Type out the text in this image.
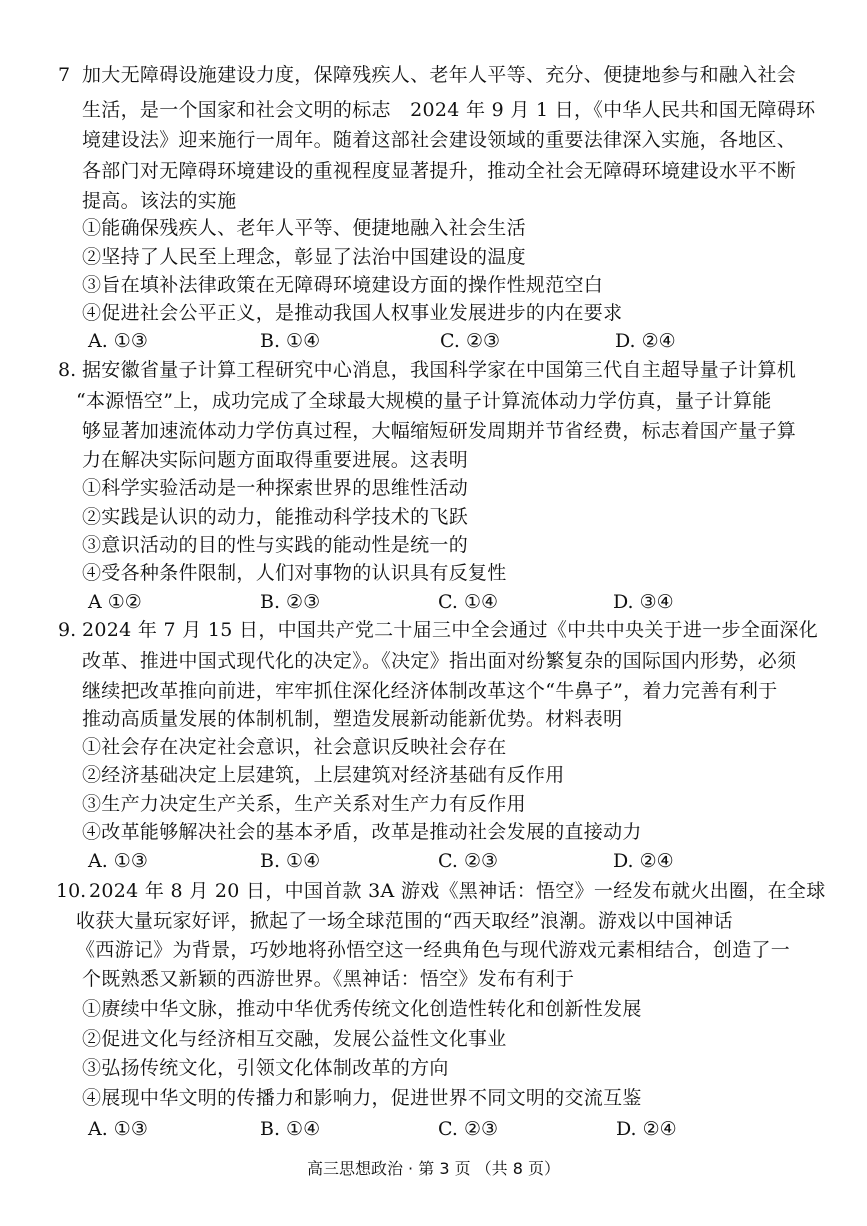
7 加大无障碍设施建设力度，保障残疾人、老年人平等、充分、便捷地参与和融入社会
生活，是一个国家和社会文明的标志　2024 年 9 月 1 日，《中华人民共和国无障碍环
境建设法》迎来施行一周年。随着这部社会建设领域的重要法律深入实施，各地区、
各部门对无障碍环境建设的重视程度显著提升，推动全社会无障碍环境建设水平不断
提高。该法的实施
①能确保残疾人、老年人平等、便捷地融入社会生活
②坚持了人民至上理念，彰显了法治中国建设的温度
③旨在填补法律政策在无障碍环境建设方面的操作性规范空白
④促进社会公平正义，是推动我国人权事业发展进步的内在要求
A. ①③	B. ①④	C. ②③	D. ②④
8. 据安徽省量子计算工程研究中心消息，我国科学家在中国第三代自主超导量子计算机
“本源悟空”上，成功完成了全球最大规模的量子计算流体动力学仿真，量子计算能
够显著加速流体动力学仿真过程，大幅缩短研发周期并节省经费，标志着国产量子算
力在解决实际问题方面取得重要进展。这表明
①科学实验活动是一种探索世界的思维性活动
②实践是认识的动力，能推动科学技术的飞跃
③意识活动的目的性与实践的能动性是统一的
④受各种条件限制，人们对事物的认识具有反复性
A ①②	B. ②③	C. ①④	D. ③④
9. 2024 年 7 月 15 日，中国共产党二十届三中全会通过《中共中央关于进一步全面深化
改革、推进中国式现代化的决定》。《决定》指出面对纷繁复杂的国际国内形势，必须
继续把改革推向前进，牢牢抓住深化经济体制改革这个“牛鼻子”，着力完善有利于
推动高质量发展的体制机制，塑造发展新动能新优势。材料表明
①社会存在决定社会意识，社会意识反映社会存在
②经济基础决定上层建筑，上层建筑对经济基础有反作用
③生产力决定生产关系，生产关系对生产力有反作用
④改革能够解决社会的基本矛盾，改革是推动社会发展的直接动力
A. ①③	B. ①④	C. ②③	D. ②④
10. 2024 年 8 月 20 日，中国首款 3A 游戏《黑神话：悟空》一经发布就火出圈，在全球
收获大量玩家好评，掀起了一场全球范围的“西天取经”浪潮。游戏以中国神话
《西游记》为背景，巧妙地将孙悟空这一经典角色与现代游戏元素相结合，创造了一
个既熟悉又新颖的西游世界。《黑神话：悟空》发布有利于
①赓续中华文脉，推动中华优秀传统文化创造性转化和创新性发展
②促进文化与经济相互交融，发展公益性文化事业
③弘扬传统文化，引领文化体制改革的方向
④展现中华文明的传播力和影响力，促进世界不同文明的交流互鉴
A. ①③	B. ①④	C. ②③	D. ②④
高三思想政治 · 第 3 页 （共 8 页）
